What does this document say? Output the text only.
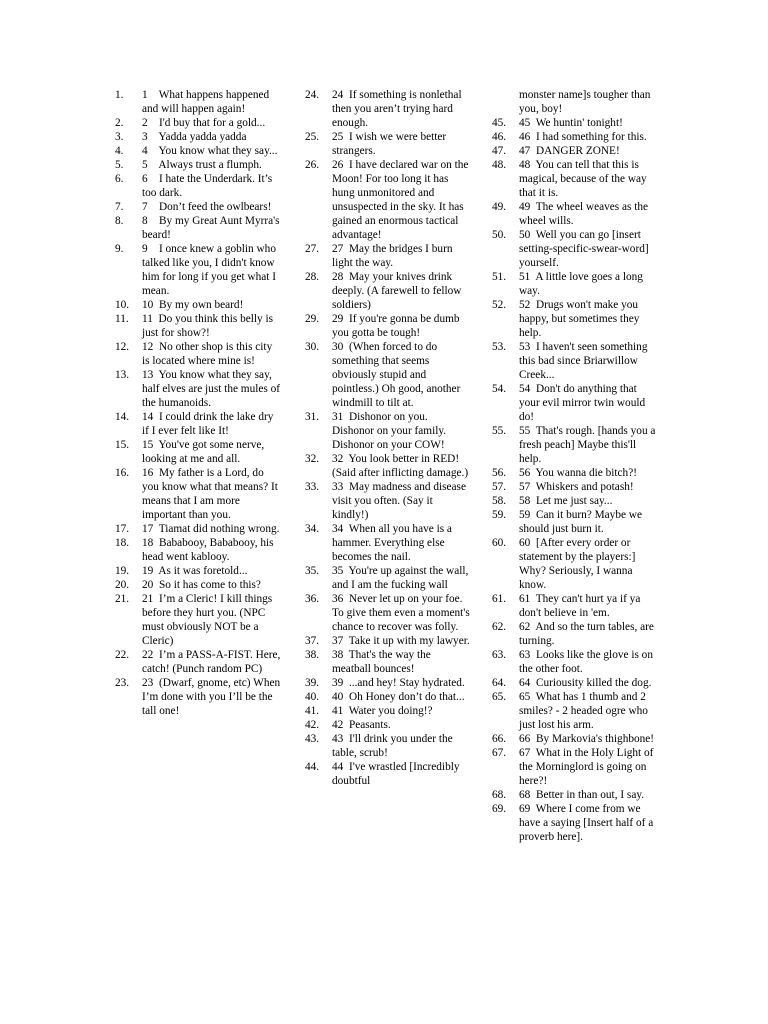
1.	1    What happens happened and will happen again!
2.	2    I'd buy that for a gold...
3.	3    Yadda yadda yadda
4.	4    You know what they say...
5.	5    Always trust a flumph.
6.	6    I hate the Underdark. It’s too dark.
7.	7    Don’t feed the owlbears!
8.	8    By my Great Aunt Myrra's beard!
9.	9    I once knew a goblin who talked like you, I didn't know him for long if you get what I mean.
10.	10  By my own beard!
11.	11  Do you think this belly is just for show?!
12.	12  No other shop is this city is located where mine is!
13.	13  You know what they say, half elves are just the mules of the humanoids.
14.	14  I could drink the lake dry if I ever felt like It!
15.	15  You've got some nerve, looking at me and all.
16.	16  My father is a Lord, do you know what that means? It means that I am more important than you.
17.	17  Tiamat did nothing wrong.
18.	18  Bababooy, Bababooy, his head went kablooy.
19.	19  As it was foretold...
20.	20  So it has come to this?
21.	21  I’m a Cleric! I kill things before they hurt you. (NPC must obviously NOT be a Cleric)
22.	22  I’m a PASS-A-FIST. Here, catch! (Punch random PC)
23.	23  (Dwarf, gnome, etc) When I’m done with you I’ll be the tall one!
24.	24  If something is nonlethal then you aren’t trying hard enough.
25.	25  I wish we were better strangers.
26.	26  I have declared war on the Moon! For too long it has hung unmonitored and unsuspected in the sky. It has gained an enormous tactical advantage!
27.	27  May the bridges I burn light the way.
28.	28  May your knives drink deeply. (A farewell to fellow soldiers)
29.	29  If you're gonna be dumb you gotta be tough!
30.	30  (When forced to do something that seems obviously stupid and pointless.) Oh good, another windmill to tilt at.
31.	31  Dishonor on you. Dishonor on your family. Dishonor on your COW!
32.	32  You look better in RED! (Said after inflicting damage.)
33.	33  May madness and disease visit you often. (Say it kindly!)
34.	34  When all you have is a hammer. Everything else becomes the nail.
35.	35  You're up against the wall, and I am the fucking wall
36.	36  Never let up on your foe. To give them even a moment's chance to recover was folly.
37.	37  Take it up with my lawyer.
38.	38  That's the way the meatball bounces!
39.	39  ...and hey! Stay hydrated.
40.	40  Oh Honey don’t do that...
41.	41  Water you doing!?
42.	42  Peasants.
43.	43  I'll drink you under the table, scrub!
44.	44  I've wrastled [Incredibly doubtful
monster name]s tougher than you, boy!
45.	45  We huntin' tonight!
46.	46  I had something for this.
47.	47  DANGER ZONE!
48.	48  You can tell that this is magical, because of the way that it is.
49.	49  The wheel weaves as the wheel wills.
50.	50  Well you can go [insert setting-specific-swear-word] yourself.
51.	51  A little love goes a long way.
52.	52  Drugs won't make you happy, but sometimes they help.
53.	53  I haven't seen something this bad since Briarwillow Creek...
54.	54  Don't do anything that your evil mirror twin would do!
55.	55  That's rough. [hands you a fresh peach] Maybe this'll help.
56.	56  You wanna die bitch?!
57.	57  Whiskers and potash!
58.	58  Let me just say...
59.	59  Can it burn? Maybe we should just burn it.
60.	60  [After every order or statement by the players:] Why? Seriously, I wanna know.
61.	61  They can't hurt ya if ya don't believe in 'em.
62.	62  And so the turn tables, are turning.
63.	63  Looks like the glove is on the other foot.
64.	64  Curiousity killed the dog.
65.	65  What has 1 thumb and 2 smiles? - 2 headed ogre who just lost his arm.
66.	66  By Markovia's thighbone!
67.	67  What in the Holy Light of the Morninglord is going on here?!
68.	68  Better in than out, I say.
69.	69  Where I come from we have a saying [Insert half of a proverb here].
